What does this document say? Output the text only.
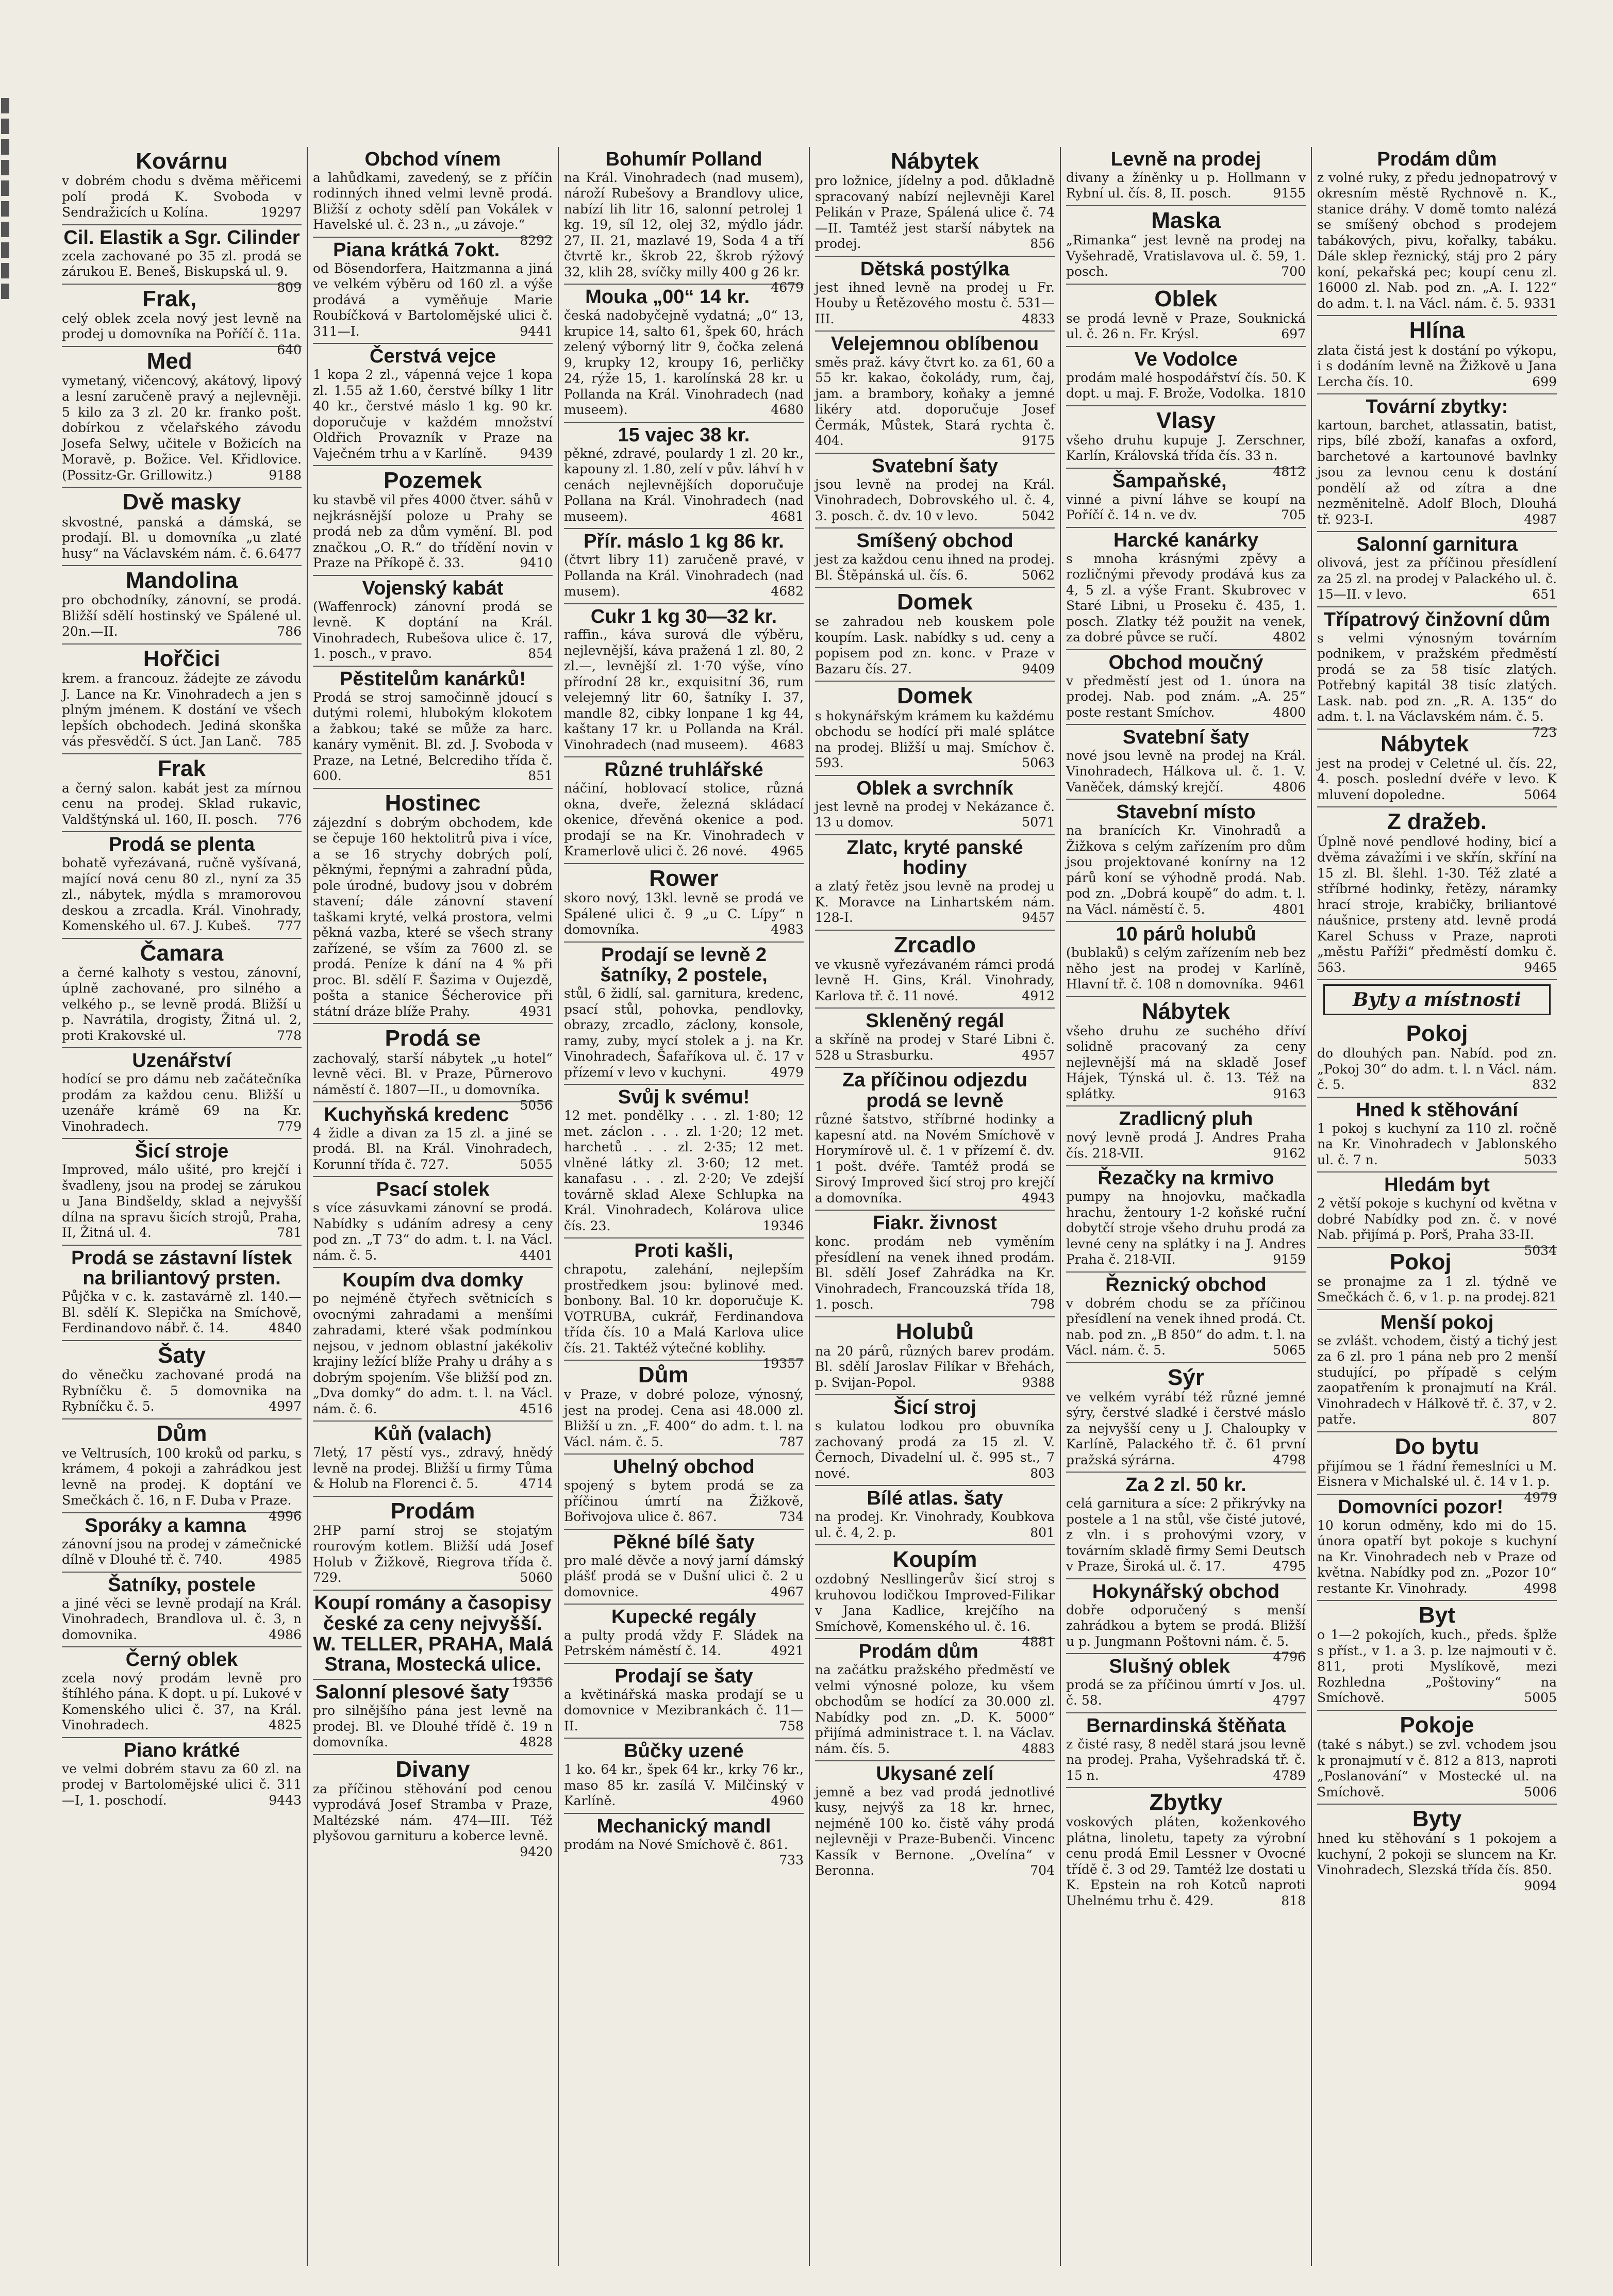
Kovárnu
v dobrém chodu s dvěma měřicemi polí prodá K. Svoboda v Sendražicích u Kolína.	19297
Cil. Elastik a Sgr. Cilinder
zcela zachované po 35 zl. prodá se zárukou E. Beneš, Biskupská ul. 9.
809
Frak,
celý oblek zcela nový jest levně na prodej u domovníka na Poříčí č. 11a.
640
Med
vymetaný, vičencový, akátový, lipový a lesní zaručeně pravý a nejlevněji. 5 kilo za 3 zl. 20 kr. franko pošt. dobírkou z včelařského závodu Josefa Selwy, učitele v Božicích na Moravě, p. Božice. Vel. Křidlovice. (Possitz-Gr. Grillowitz.)	9188
Dvě masky
skvostné, panská a dámská, se prodají. Bl. u domovníka „u zlaté husy“ na Václavském nám. č. 6. 6477
Mandolina
pro obchodníky, zánovní, se prodá. Bližší sdělí hostinský ve Spálené ul. 20n.—II.	786
Hořčici
krem. a francouz. žádejte ze závodu J. Lance na Kr. Vinohradech a jen s plným jménem. K dostání ve všech lepších obchodech. Jediná skonška vás přesvědčí. S úct. Jan Lanč. 785
Frak
a černý salon. kabát jest za mírnou cenu na prodej. Sklad rukavic, Valdštýnská ul. 160, II. posch. 776
Prodá se plenta
bohatě vyřezávaná, ručně vyšívaná, mající nová cenu 80 zl., nyní za 35 zl., nábytek, mýdla s mramorovou deskou a zrcadla. Král. Vinohrady, Komenského ul. 67. J. Kubeš. 777
Čamara
a černé kalhoty s vestou, zánovní, úplně zachované, pro silného a velkého p., se levně prodá. Bližší u p. Navrátila, drogisty, Žitná ul. 2, proti Krakovské ul.	778
Uzenářství
hodící se pro dámu neb začátečníka prodám za každou cenu. Bližší u uzenáře krámě 69 na Kr. Vinohradech.	779
Šicí stroje
Improved, málo ušité, pro krejčí i švadleny, jsou na prodej se zárukou u Jana Bindšeldy, sklad a nejvyšší dílna na spravu šicích strojů, Praha, II, Žitná ul. 4.	781
Prodá se zástavní lístek na briliantový prsten.
Půjčka v c. k. zastavárně zl. 140.— Bl. sdělí K. Slepička na Smíchově, Ferdinandovo nábř. č. 14.	4840
Šaty
do věnečku zachované prodá na Rybníčku č. 5 domovnika na Rybníčku č. 5.	4997
Dům
ve Veltrusích, 100 kroků od parku, s krámem, 4 pokoji a zahrádkou jest levně na prodej. K doptání ve Smečkách č. 16, n F. Duba v Praze.
4996
Sporáky a kamna
zánovní jsou na prodej v zámečnické dílně v Dlouhé tř. č. 740.	4985
Šatníky, postele
a jiné věci se levně prodají na Král. Vinohradech, Brandlova ul. č. 3, n domovnika.	4986
Černý oblek
zcela nový prodám levně pro štíhlého pána. K dopt. u pí. Lukové v Komenského ulici č. 37, na Král. Vinohradech.	4825
Piano krátké
ve velmi dobrém stavu za 60 zl. na prodej v Bartolomějské ulici č. 311—I, 1. poschodí.	9443
Obchod vínem
a lahůdkami, zavedený, se z příčin rodinných ihned velmi levně prodá. Bližší z ochoty sdělí pan Vokálek v Havelské ul. č. 23 n., „u závoje.“
8292
Piana krátká 7okt.
od Bösendorfera, Haitzmanna a jiná ve velkém výběru od 160 zl. a výše prodává a vyměňuje Marie Roubíčková v Bartolomějské ulici č. 311—I.	9441
Čerstvá vejce
1 kopa 2 zl., vápenná vejce 1 kopa zl. 1.55 až 1.60, čerstvé bílky 1 litr 40 kr., čerstvé máslo 1 kg. 90 kr. doporučuje v každém množství Oldřich Provazník v Praze na Vaječném trhu a v Karlíně.	9439
Pozemek
ku stavbě vil přes 4000 čtver. sáhů v nejkrásnější poloze u Prahy se prodá neb za dům vymění. Bl. pod značkou „O. R.“ do třídění novin v Praze na Příkopě č. 33.	9410
Vojenský kabát
(Waffenrock) zánovní prodá se levně. K doptání na Král. Vinohradech, Rubešova ulice č. 17, 1. posch., v pravo.	854
Pěstitelům kanárků!
Prodá se stroj samočinně jdoucí s dutými rolemi, hlubokým klokotem a žabkou; také se může za harc. kanáry vyměnit. Bl. zd. J. Svoboda v Praze, na Letné, Belcrediho třída č. 600.	851
Hostinec
zájezdní s dobrým obchodem, kde se čepuje 160 hektolitrů piva i více, a se 16 strychy dobrých polí, pěknými, řepnými a zahradní půda, pole úrodné, budovy jsou v dobrém stavení; dále zánovní stavení taškami kryté, velká prostora, velmi pěkná vazba, které se všech strany zařízené, se vším za 7600 zl. se prodá. Peníze k dání na 4 % při proc. Bl. sdělí F. Šazima v Oujezdě, pošta a stanice Šécherovice při státní dráze blíže Prahy.	4931
Prodá se
zachovalý, starší nábytek „u hotel“ levně věci. Bl. v Praze, Půrnerovo náměstí č. 1807—II., u domovníka.
5056
Kuchyňská kredenc
4 židle a divan za 15 zl. a jiné se prodá. Bl. na Král. Vinohradech, Korunní třída č. 727.	5055
Psací stolek
s více zásuvkami zánovní se prodá. Nabídky s udáním adresy a ceny pod zn. „T 73“ do adm. t. l. na Václ. nám. č. 5.	4401
Koupím dva domky
po nejméně čtyřech světnicích s ovocnými zahradami a menšími zahradami, které však podmínkou nejsou, v jednom oblastní jakékoliv krajiny ležící blíže Prahy u dráhy a s dobrým spojením. Vše bližší pod zn. „Dva domky“ do adm. t. l. na Václ. nám. č. 6.	4516
Kůň (valach)
7letý, 17 pěstí vys., zdravý, hnědý levně na prodej. Bližší u firmy Tůma & Holub na Florenci č. 5.	4714
Prodám
2HP parní stroj se stojatým rourovým kotlem. Bližší udá Josef Holub v Žižkově, Riegrova třída č. 729.	5060
Koupí romány a časopisy české za ceny nejvyšší. W. TELLER, PRAHA, Malá Strana, Mostecká ulice.
19356
Salonní plesové šaty
pro silnějšího pána jest levně na prodej. Bl. ve Dlouhé třídě č. 19 n domovníka.	4828
Divany
za příčinou stěhování pod cenou vyprodává Josef Stramba v Praze, Maltézské nám. 474—III. Též plyšovou garnituru a koberce levně.
9420
Bohumír Polland
na Král. Vinohradech (nad musem), nároží Rubešovy a Brandlovy ulice, nabízí lih litr 16, salonní petrolej 1 kg. 19, síl 12, olej 32, mýdlo jádr. 27, II. 21, mazlavé 19, Soda 4 a tří čtvrtě kr., škrob 22, škrob rýžový 32, klih 28, svíčky milly 400 g 26 kr.
4679
Mouka „00“ 14 kr.
česká nadobyčejně vydatná; „0“ 13, krupice 14, salto 61, špek 60, hrách zelený výborný litr 9, čočka zelená 9, krupky 12, kroupy 16, perličky 24, rýže 15, 1. karolínská 28 kr. u Pollanda na Král. Vinohradech (nad museem).	4680
15 vajec 38 kr.
pěkné, zdravé, poulardy 1 zl. 20 kr., kapouny zl. 1.80, zelí v pův. láhví h v cenách nejlevnějších doporučuje Pollana na Král. Vinohradech (nad museem).	4681
Přír. máslo 1 kg 86 kr.
(čtvrt libry 11) zaručeně pravé, v Pollanda na Král. Vinohradech (nad musem).	4682
Cukr 1 kg 30—32 kr.
raffin., káva surová dle výběru, nejlevnější, káva pražená 1 zl. 80, 2 zl.—, levnější zl. 1·70 výše, víno přírodní 28 kr., exquisitní 36, rum velejemný litr 60, šatníky I. 37, mandle 82, cibky lonpane 1 kg 44, kaštany 17 kr. u Pollanda na Král. Vinohradech (nad museem). 4683
Různé truhlářské
náčiní, hoblovací stolice, různá okna, dveře, železná skládací okenice, dřevěná okenice a pod. prodají se na Kr. Vinohradech v Kramerlově ulici č. 26 nové. 4965
Rower
skoro nový, 13kl. levně se prodá ve Spálené ulici č. 9 „u C. Lípy“ n domovníka.	4983
Prodají se levně 2 šatníky, 2 postele,
stůl, 6 židlí, sal. garnitura, kredenc, psací stůl, pohovka, pendlovky, obrazy, zrcadlo, záclony, konsole, ramy, zuby, mycí stolek a j. na Kr. Vinohradech, Šafaříkova ul. č. 17 v přízemí v levo v kuchyni.	4979
Svůj k svému!
12 met. pondělky . . . zl. 1·80; 12 met. záclon . . . zl. 1·20; 12 met. harchetů . . . zl. 2·35; 12 met. vlněné látky zl. 3·60; 12 met. kanafasu . . . zl. 2·20; Ve zdejší továrně sklad Alexe Schlupka na Král. Vinohradech, Kolárova ulice čís. 23.	19346
Proti kašli,
chrapotu, zalehání, nejlepším prostředkem jsou: bylinové med. bonbony. Bal. 10 kr. doporučuje K. VOTRUBA, cukrář, Ferdinandova třída čís. 10 a Malá Karlova ulice čís. 21. Taktéž výtečné koblihy.
19357
Dům
v Praze, v dobré poloze, výnosný, jest na prodej. Cena asi 48.000 zl. Bližší u zn. „F. 400“ do adm. t. l. na Václ. nám. č. 5.	787
Uhelný obchod
spojený s bytem prodá se za příčinou úmrtí na Žižkově, Bořivojova ulice č. 867.	734
Pěkné bílé šaty
pro malé děvče a nový jarní dámský plášť prodá se v Dušní ulici č. 2 u domovnice.	4967
Kupecké regály
a pulty prodá vždy F. Sládek na Petrském náměstí č. 14.	4921
Prodají se šaty
a květinářská maska prodají se u domovnice v Mezibrankách č. 11—II.	758
Bůčky uzené
1 ko. 64 kr., špek 64 kr., krky 76 kr., maso 85 kr. zasílá V. Milčinský v Karlíně.	4960
Mechanický mandl
prodám na Nové Smíchově č. 861.
733
Nábytek
pro ložnice, jídelny a pod. důkladně spracovaný nabízí nejlevněji Karel Pelikán v Praze, Spálená ulice č. 74—II. Tamtéž jest starší nábytek na prodej.	856
Dětská postýlka
jest ihned levně na prodej u Fr. Houby u Řetězového mostu č. 531—III.	4833
Velejemnou oblíbenou
směs praž. kávy čtvrt ko. za 61, 60 a 55 kr. kakao, čokolády, rum, čaj, jam. a brambory, koňaky a jemné likéry atd. doporučuje Josef Čermák, Můstek, Stará rychta č. 404.	9175
Svatební šaty
jsou levně na prodej na Král. Vinohradech, Dobrovského ul. č. 4, 3. posch. č. dv. 10 v levo.	5042
Smíšený obchod
jest za každou cenu ihned na prodej. Bl. Štěpánská ul. čís. 6.	5062
Domek
se zahradou neb kouskem pole koupím. Lask. nabídky s ud. ceny a popisem pod zn. konc. v Praze v Bazaru čís. 27.	9409
Domek
s hokynářským krámem ku každému obchodu se hodící při malé splátce na prodej. Bližší u maj. Smíchov č. 593.	5063
Oblek a svrchník
jest levně na prodej v Nekázance č. 13 u domov.	5071
Zlatc, kryté panské hodiny
a zlatý řetěz jsou levně na prodej u K. Moravce na Linhartském nám. 128-I.	9457
Zrcadlo
ve vkusně vyřezávaném rámci prodá levně H. Gins, Král. Vinohrady, Karlova tř. č. 11 nové.	4912
Skleněný regál
a skříně na prodej v Staré Libni č. 528 u Strasburku.	4957
Za příčinou odjezdu prodá se levně
různé šatstvo, stříbrné hodinky a kapesní atd. na Novém Smíchově v Horymírově ul. č. 1 v přízemí č. dv. 1 pošt. dvéře. Tamtéž prodá se Sirový Improved šicí stroj pro krejčí a domovníka.	4943
Fiakr. živnost
konc. prodám neb vyměním přesídlení na venek ihned prodám. Bl. sdělí Josef Zahrádka na Kr. Vinohradech, Francouzská třída 18, 1. posch.	798
Holubů
na 20 párů, různých barev prodám. Bl. sdělí Jaroslav Filíkar v Břehách, p. Svijan-Popol.	9388
Šicí stroj
s kulatou lodkou pro obuvníka zachovaný prodá za 15 zl. V. Černoch, Divadelní ul. č. 995 st., 7 nové.	803
Bílé atlas. šaty
na prodej. Kr. Vinohrady, Koubkova ul. č. 4, 2. p.	801
Koupím
ozdobný Nesllingerův šicí stroj s kruhovou lodičkou Improved-Filikar v Jana Kadlice, krejčího na Smíchově, Komenského ul. č. 16.
4881
Prodám dům
na začátku pražského předměstí ve velmi výnosné poloze, ku všem obchodům se hodící za 30.000 zl. Nabídky pod zn. „D. K. 5000“ přijímá administrace t. l. na Václav. nám. čís. 5.	4883
Ukysané zelí
jemně a bez vad prodá jednotlivé kusy, nejvýš za 18 kr. hrnec, nejméně 100 ko. čistě váhy prodá nejlevněji v Praze-Bubenči. Vincenc Kassík v Bernone. „Ovelína“ v Beronna.	704
Levně na prodej
divany a žíněnky u p. Hollmann v Rybní ul. čís. 8, II. posch.	9155
Maska
„Rimanka“ jest levně na prodej na Vyšehradě, Vratislavova ul. č. 59, 1. posch.	700
Oblek
se prodá levně v Praze, Souknická ul. č. 26 n. Fr. Krýsl.	697
Ve Vodolce
prodám malé hospodářství čís. 50. K dopt. u maj. F. Brože, Vodolka. 1810
Vlasy
všeho druhu kupuje J. Zerschner, Karlín, Královská třída čís. 33 n.
4812
Šampaňské,
vinné a pivní láhve se koupí na Poříčí č. 14 n. ve dv.	705
Harcké kanárky
s mnoha krásnými zpěvy a rozličnými převody prodává kus za 4, 5 zl. a výše Frant. Skubrovec v Staré Libni, u Proseku č. 435, 1. posch. Zlatky též použit na venek, za dobré půvce se ručí.	4802
Obchod moučný
v předměstí jest od 1. února na prodej. Nab. pod znám. „A. 25“ poste restant Smíchov.	4800
Svatební šaty
nové jsou levně na prodej na Král. Vinohradech, Hálkova ul. č. 1. V. Vaněček, dámský krejčí.	4806
Stavební místo
na branících Kr. Vinohradů a Žižkova s celým zařízením pro dům jsou projektované konírny na 12 párů koní se výhodně prodá. Nab. pod zn. „Dobrá koupě“ do adm. t. l. na Václ. náměstí č. 5.	4801
10 párů holubů
(bublaků) s celým zařízením neb bez něho jest na prodej v Karlíně, Hlavní tř. č. 108 n domovníka. 9461
Nábytek
všeho druhu ze suchého dříví solidně pracovaný za ceny nejlevnější má na skladě Josef Hájek, Týnská ul. č. 13. Též na splátky.	9163
Zradlicný pluh
nový levně prodá J. Andres Praha čís. 218-VII.	9162
Řezačky na krmivo
pumpy na hnojovku, mačkadla hrachu, žentoury 1-2 koňské ruční dobytčí stroje všeho druhu prodá za levné ceny na splátky i na J. Andres Praha č. 218-VII.	9159
Řeznický obchod
v dobrém chodu se za příčinou přesídlení na venek ihned prodá. Ct. nab. pod zn. „B 850“ do adm. t. l. na Václ. nám. č. 5.	5065
Sýr
ve velkém vyrábí též různé jemné sýry, čerstvé sladké i čerstvé máslo za nejvyšší ceny u J. Chaloupky v Karlíně, Palackého tř. č. 61 první pražská sýrárna.	4798
Za 2 zl. 50 kr.
celá garnitura a síce: 2 přikrývky na postele a 1 na stůl, vše čisté jutové, z vln. i s prohovými vzory, v továrním skladě firmy Semi Deutsch v Praze, Široká ul. č. 17.	4795
Hokynářský obchod
dobře odporučený s menší zahrádkou a bytem se prodá. Bližší u p. Jungmann Poštovni nám. č. 5.
4796
Slušný oblek
prodá se za příčinou úmrtí v Jos. ul. č. 58.	4797
Bernardinská štěňata
z čisté rasy, 8 neděl stará jsou levně na prodej. Praha, Vyšehradská tř. č. 15 n.	4789
Zbytky
voskových pláten, koženkového plátna, linoletu, tapety za výrobní cenu prodá Emil Lessner v Ovocné třídě č. 3 od 29. Tamtéž lze dostati u K. Epstein na roh Kotců naproti Uhelnému trhu č. 429.	818
Prodám dům
z volné ruky, z předu jednopatrový v okresním městě Rychnově n. K., stanice dráhy. V domě tomto nalézá se smíšený obchod s prodejem tabákových, pivu, kořalky, tabáku. Dále sklep řeznický, stáj pro 2 páry koní, pekařská pec; koupí cenu zl. 16000 zl. Nab. pod zn. „A. I. 122“ do adm. t. l. na Václ. nám. č. 5. 9331
Hlína
zlata čistá jest k dostání po výkopu, i s dodáním levně na Žižkově u Jana Lercha čís. 10.	699
Tovární zbytky:
kartoun, barchet, atlassatin, batist, rips, bílé zboží, kanafas a oxford, barchetové a kartounové bavlnky jsou za levnou cenu k dostání pondělí až od zítra a dne nezměnitelně. Adolf Bloch, Dlouhá tř. 923-I.	4987
Salonní garnitura
olivová, jest za příčinou přesídlení za 25 zl. na prodej v Palackého ul. č. 15—II. v levo.	651
Třípatrový činžovní dům
s velmi výnosným továrním podnikem, v pražském předměstí prodá se za 58 tisíc zlatých. Potřebný kapitál 38 tisíc zlatých. Lask. nab. pod zn. „R. A. 135“ do adm. t. l. na Václavském nám. č. 5.
723
Nábytek
jest na prodej v Celetné ul. čís. 22, 4. posch. poslední dvéře v levo. K mluvení dopoledne.	5064
Z dražeb.
Úplně nové pendlové hodiny, bicí a dvěma závažími i ve skřín, skříní na 15 zl. Bl. šlehl. 1-30. Též zlaté a stříbrné hodinky, řetězy, náramky hrací stroje, krabičky, briliantové náušnice, prsteny atd. levně prodá Karel Schuss v Praze, naproti „městu Paříži“ předměstí domku č. 563.	9465
Byty a místnosti
Pokoj
do dlouhých pan. Nabíd. pod zn. „Pokoj 30“ do adm. t. l. n Václ. nám. č. 5.	832
Hned k stěhování
1 pokoj s kuchyní za 110 zl. ročně na Kr. Vinohradech v Jablonského ul. č. 7 n.	5033
Hledám byt
2 větší pokoje s kuchyní od května v dobré Nabídky pod zn. č. v nové Nab. přijímá p. Porš, Praha 33-II.
5034
Pokoj
se pronajme za 1 zl. týdně ve Smečkách č. 6, v 1. p. na prodej. 821
Menší pokoj
se zvlášt. vchodem, čistý a tichý jest za 6 zl. pro 1 pána neb pro 2 menší studující, po případě s celým zaopatřením k pronajmutí na Král. Vinohradech v Hálkově tř. č. 37, v 2. patře.	807
Do bytu
přijímou se 1 řádní řemeslníci u M. Eisnera v Michalské ul. č. 14 v 1. p.
4979
Domovníci pozor!
10 korun odměny, kdo mi do 15. února opatří byt pokoje s kuchyní na Kr. Vinohradech neb v Praze od května. Nabídky pod zn. „Pozor 10“ restante Kr. Vinohrady.	4998
Byt
o 1—2 pokojích, kuch., předs. šplže s příst., v 1. a 3. p. lze najmouti v č. 811, proti Myslíkově, mezi Rozhledna „Poštoviny“ na Smíchově.	5005
Pokoje
(také s nábyt.) se zvl. vchodem jsou k pronajmutí v č. 812 a 813, naproti „Poslanování“ v Mostecké ul. na Smíchově.	5006
Byty
hned ku stěhování s 1 pokojem a kuchyní, 2 pokoji se sluncem na Kr. Vinohradech, Slezská třída čís. 850.
9094
